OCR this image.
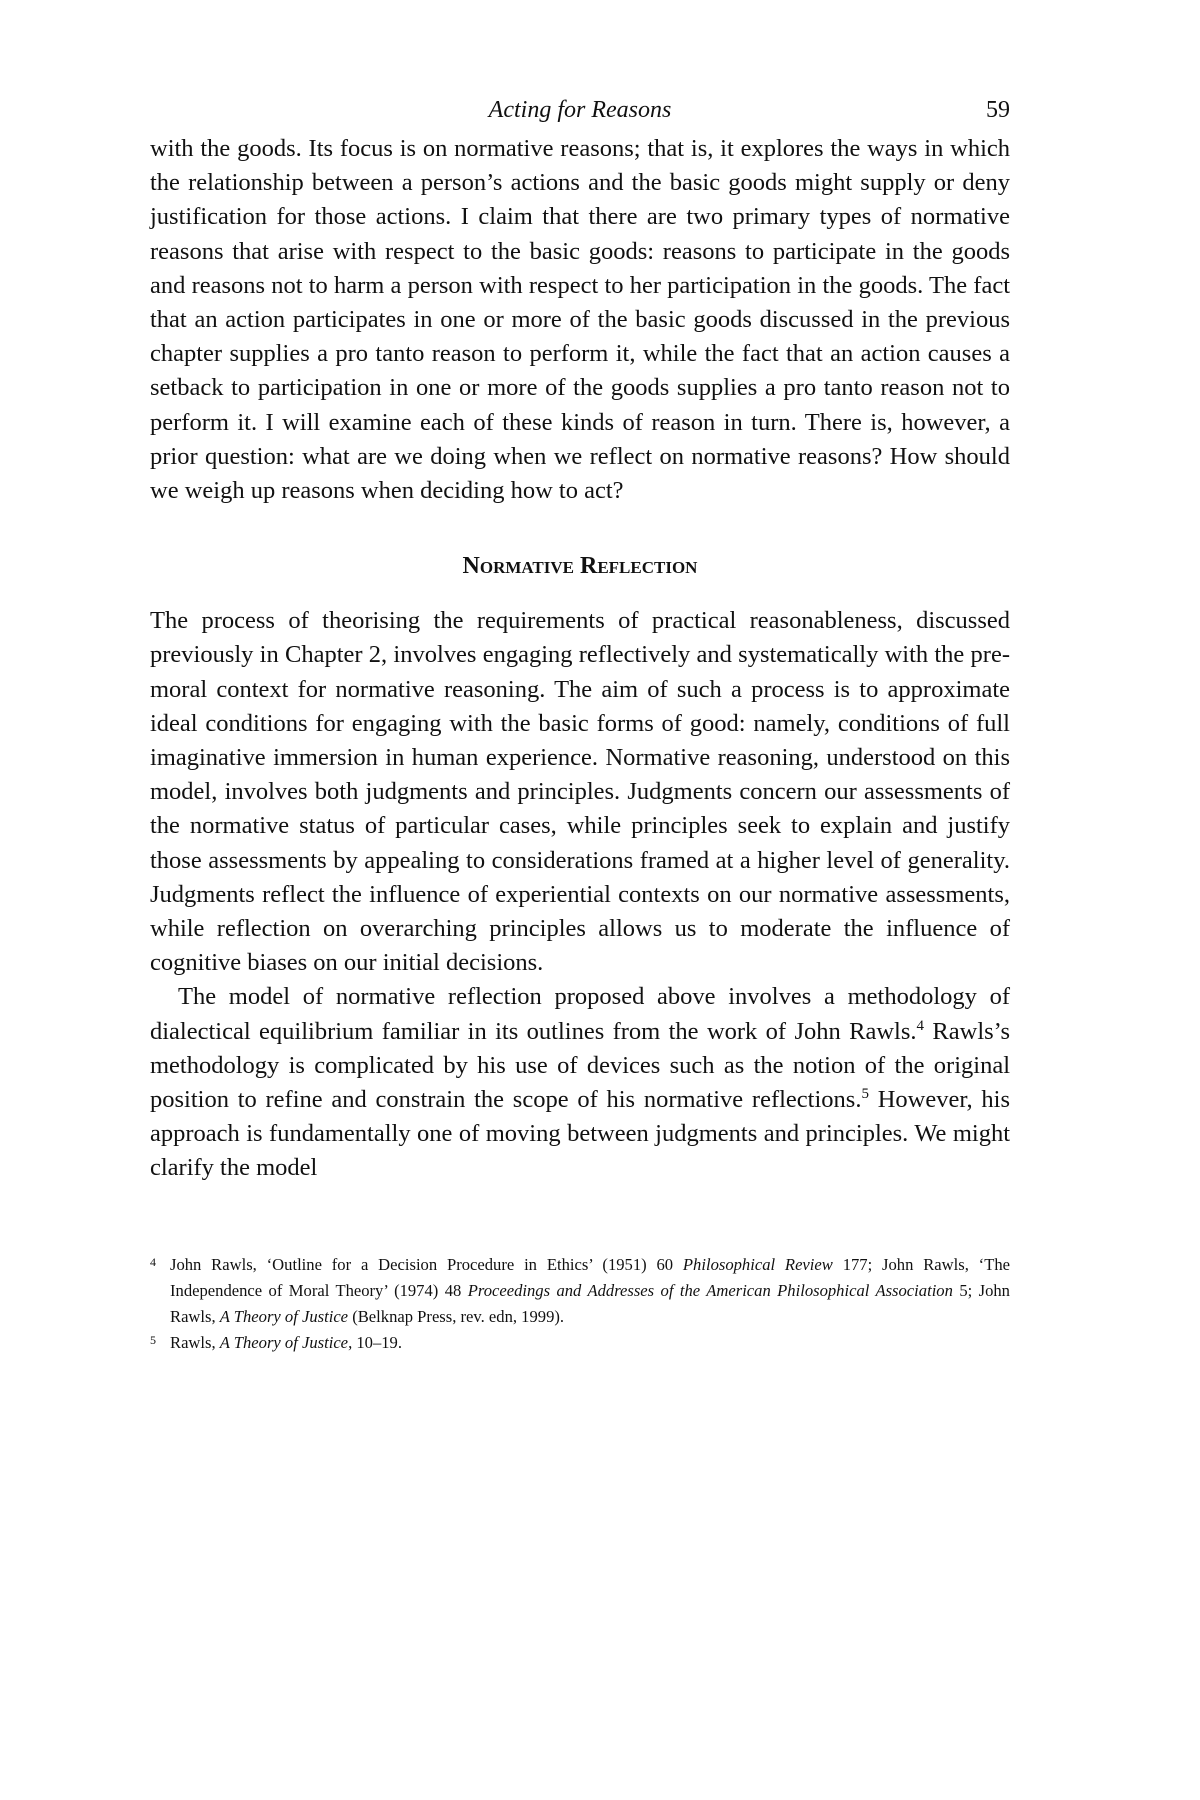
Acting for Reasons	59

with the goods. Its focus is on normative reasons; that is, it explores the ways in which the relationship between a person’s actions and the basic goods might supply or deny justification for those actions. I claim that there are two primary types of normative reasons that arise with respect to the basic goods: reasons to participate in the goods and reasons not to harm a person with respect to her participation in the goods. The fact that an action participates in one or more of the basic goods discussed in the previous chapter supplies a pro tanto reason to perform it, while the fact that an action causes a setback to participation in one or more of the goods supplies a pro tanto reason not to perform it. I will examine each of these kinds of reason in turn. There is, however, a prior question: what are we doing when we reflect on normative reasons? How should we weigh up reasons when deciding how to act?

Normative Reflection

The process of theorising the requirements of practical reasonableness, discussed previously in Chapter 2, involves engaging reflectively and systematically with the pre-moral context for normative reasoning. The aim of such a process is to approximate ideal conditions for engaging with the basic forms of good: namely, conditions of full imaginative immersion in human experience. Normative reasoning, understood on this model, involves both judgments and principles. Judgments concern our assessments of the normative status of particular cases, while principles seek to explain and justify those assessments by appealing to considerations framed at a higher level of generality. Judgments reflect the influence of experiential contexts on our normative assessments, while reflection on overarching principles allows us to moderate the influence of cognitive biases on our initial decisions.

The model of normative reflection proposed above involves a methodology of dialectical equilibrium familiar in its outlines from the work of John Rawls.$^4$ Rawls’s methodology is complicated by his use of devices such as the notion of the original position to refine and constrain the scope of his normative reflections.$^5$ However, his approach is fundamentally one of moving between judgments and principles. We might clarify the model

4 John Rawls, ‘Outline for a Decision Procedure in Ethics’ (1951) 60 Philosophical Review 177; John Rawls, ‘The Independence of Moral Theory’ (1974) 48 Proceedings and Addresses of the American Philosophical Association 5; John Rawls, A Theory of Justice (Belknap Press, rev. edn, 1999).

5 Rawls, A Theory of Justice, 10–19.
